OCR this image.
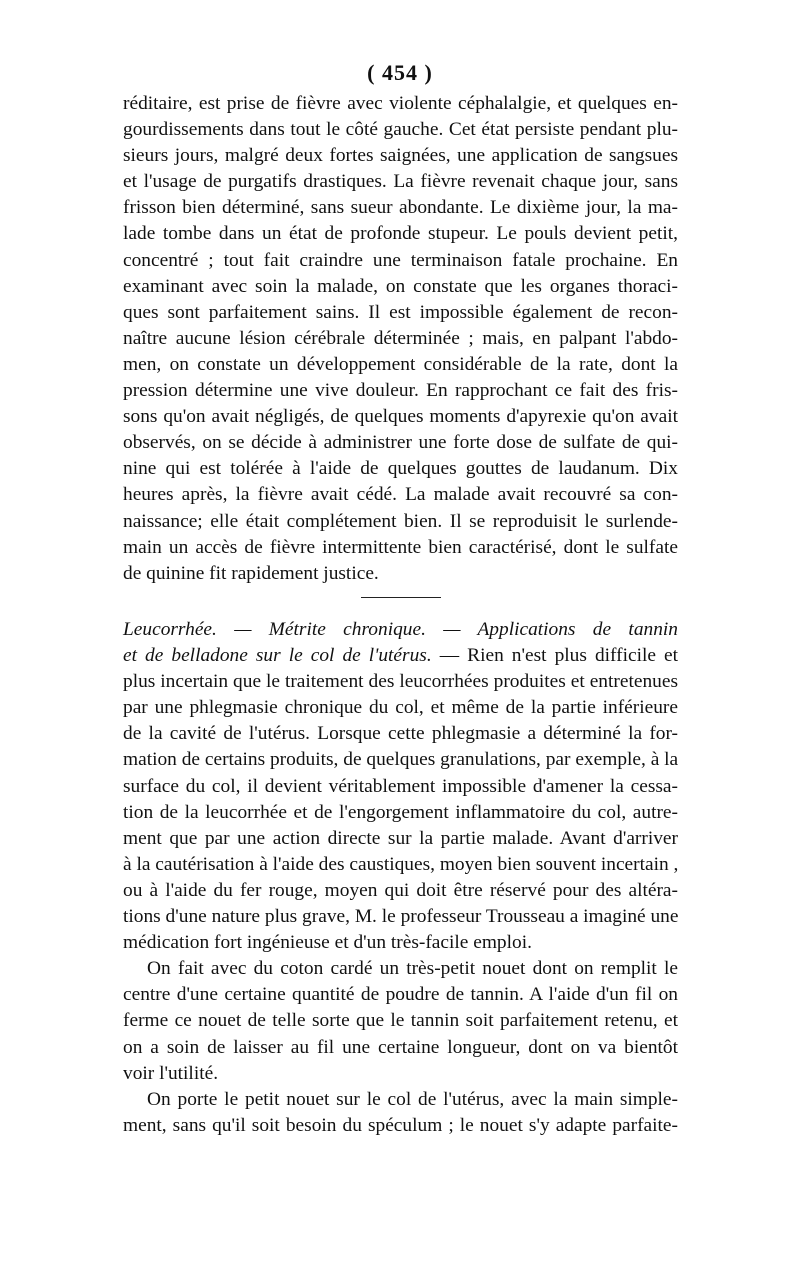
( 454 )
réditaire, est prise de fièvre avec violente céphalalgie, et quelques en-
gourdissements dans tout le côté gauche. Cet état persiste pendant plu-
sieurs jours, malgré deux fortes saignées, une application de sangsues
et l'usage de purgatifs drastiques. La fièvre revenait chaque jour, sans
frisson bien déterminé, sans sueur abondante. Le dixième jour, la ma-
lade tombe dans un état de profonde stupeur. Le pouls devient petit,
concentré ; tout fait craindre une terminaison fatale prochaine. En
examinant avec soin la malade, on constate que les organes thoraci-
ques sont parfaitement sains. Il est impossible également de recon-
naître aucune lésion cérébrale déterminée ; mais, en palpant l'abdo-
men, on constate un développement considérable de la rate, dont la
pression détermine une vive douleur. En rapprochant ce fait des fris-
sons qu'on avait négligés, de quelques moments d'apyrexie qu'on avait
observés, on se décide à administrer une forte dose de sulfate de qui-
nine qui est tolérée à l'aide de quelques gouttes de laudanum. Dix
heures après, la fièvre avait cédé. La malade avait recouvré sa con-
naissance; elle était complétement bien. Il se reproduisit le surlende-
main un accès de fièvre intermittente bien caractérisé, dont le sulfate
de quinine fit rapidement justice.
Leucorrhée. — Métrite chronique. — Applications de tannin
et de belladone sur le col de l'utérus. — Rien n'est plus difficile et
plus incertain que le traitement des leucorrhées produites et entretenues
par une phlegmasie chronique du col, et même de la partie inférieure
de la cavité de l'utérus. Lorsque cette phlegmasie a déterminé la for-
mation de certains produits, de quelques granulations, par exemple, à la
surface du col, il devient véritablement impossible d'amener la cessa-
tion de la leucorrhée et de l'engorgement inflammatoire du col, autre-
ment que par une action directe sur la partie malade. Avant d'arriver
à la cautérisation à l'aide des caustiques, moyen bien souvent incertain ,
ou à l'aide du fer rouge, moyen qui doit être réservé pour des altéra-
tions d'une nature plus grave, M. le professeur Trousseau a imaginé une
médication fort ingénieuse et d'un très-facile emploi.
On fait avec du coton cardé un très-petit nouet dont on remplit le
centre d'une certaine quantité de poudre de tannin. A l'aide d'un fil on
ferme ce nouet de telle sorte que le tannin soit parfaitement retenu, et
on a soin de laisser au fil une certaine longueur, dont on va bientôt
voir l'utilité.
On porte le petit nouet sur le col de l'utérus, avec la main simple-
ment, sans qu'il soit besoin du spéculum ; le nouet s'y adapte parfaite-
